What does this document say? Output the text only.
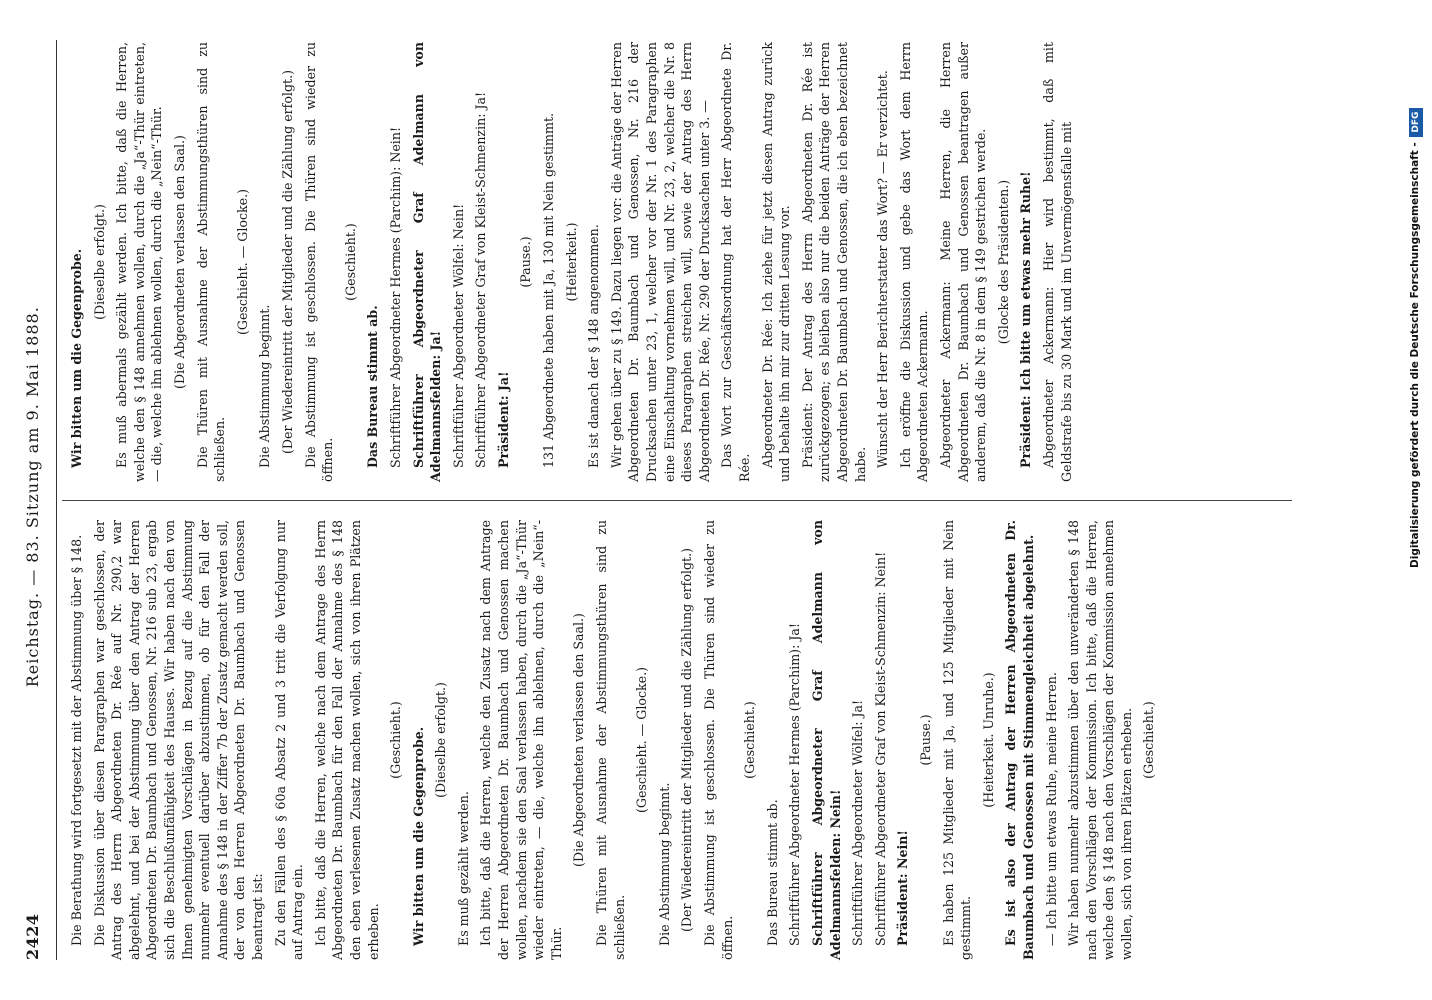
2424
Reichstag. — 83. Sitzung am 9. Mai 1888.

Die Berathung wird fortgesetzt mit der Abstimmung über § 148. Die Diskussion über diesen Paragraphen war geschlossen, der Antrag des Herrn Abgeordneten Dr. Rée auf Nr. 290,2 war abgelehnt, und bei der Abstimmung über den Antrag der Herren Abgeordneten Dr. Baumbach und Genossen, Nr. 216 sub 23, ergab sich die Beschlußunfähigkeit des Hauses. Wir haben nach den von Ihnen genehmigten Vorschlägen in Bezug auf die Abstimmung nunmehr eventuell darüber abzustimmen, ob für den Fall der Annahme des § 148 in der Ziffer 7b der Zusatz gemacht werden soll, der von den Herren Abgeordneten Dr. Baumbach und Genossen beantragt ist: Zu den Fällen des § 60a Absatz 2 und 3 tritt die Verfolgung nur auf Antrag ein. Ich bitte, daß die Herren, welche nach dem Antrage des Herrn Abgeordneten Dr. Baumbach für den Fall der Annahme des § 148 den eben verlesenen Zusatz machen wollen, sich von ihren Plätzen erheben.

(Geschieht.) Wir bitten um die Gegenprobe. (Dieselbe erfolgt.)

Es muß gezählt werden. Ich bitte, daß die Herren, welche den Zusatz nach dem Antrage der Herren Abgeordneten Dr. Baumbach und Genossen machen wollen, nachdem sie den Saal verlassen haben, durch die „Ja“-Thür wieder eintreten, — die, welche ihn ablehnen, durch die „Nein“-Thür.

(Die Abgeordneten verlassen den Saal.) Die Thüren mit Ausnahme der Abstimmungsthüren sind zu schließen.

(Geschieht. — Glocke.)

Die Abstimmung beginnt. (Der Wiedereintritt der Mitglieder und die Zählung erfolgt.) Die Abstimmung ist geschlossen. Die Thüren sind wieder zu öffnen.

(Geschieht.)

Das Bureau stimmt ab. Schriftführer Abgeordneter Hermes (Parchim): Ja! Schriftführer Abgeordneter Graf Adelmann von Adelmannsfelden: Nein! Schriftführer Abgeordneter Wölfel: Ja! Schriftführer Abgeordneter Graf von Kleist-Schmenzin: Nein! Präsident: Nein!

(Pause.) Es haben 125 Mitglieder mit Ja, und 125 Mitglieder mit Nein gestimmt.

(Heiterkeit. Unruhe.) Es ist also der Antrag der Herren Abgeordneten Dr. Baumbach und Genossen mit Stimmengleichheit abgelehnt. — Ich bitte um etwas Ruhe, meine Herren. Wir haben nunmehr abzustimmen über den unveränderten § 148 nach den Vorschlägen der Kommission. Ich bitte, daß die Herren, welche den § 148 nach den Vorschlägen der Kommission annehmen wollen, sich von ihren Plätzen erheben. (Geschieht.)

Wir bitten um die Gegenprobe. (Dieselbe erfolgt.) Es muß abermals gezählt werden. Ich bitte, daß die Herren, welche den § 148 annehmen wollen, durch die „Ja“-Thür eintreten, — die, welche ihn ablehnen wollen, durch die „Nein“-Thür. (Die Abgeordneten verlassen den Saal.) Die Thüren mit Ausnahme der Abstimmungsthüren sind zu schließen.

(Geschieht. — Glocke.)

Die Abstimmung beginnt. (Der Wiedereintritt der Mitglieder und die Zählung erfolgt.) Die Abstimmung ist geschlossen. Die Thüren sind wieder zu öffnen.

(Geschieht.)

Das Bureau stimmt ab. Schriftführer Abgeordneter Hermes (Parchim): Nein! Schriftführer Abgeordneter Graf Adelmann von Adelmannsfelden: Ja! Schriftführer Abgeordneter Wölfel: Nein! Schriftführer Abgeordneter Graf von Kleist-Schmenzin: Ja! Präsident: Ja!

(Pause.) 131 Abgeordnete haben mit Ja, 130 mit Nein gestimmt. (Heiterkeit.) Es ist danach der § 148 angenommen. Wir gehen über zu § 149. Dazu liegen vor: die Anträge der Herren Abgeordneten Dr. Baumbach und Genossen, Nr. 216 der Drucksachen unter 23, 1, welcher vor der Nr. 1 des Paragraphen eine Einschaltung vornehmen will, und Nr. 23, 2, welcher die Nr. 8 dieses Paragraphen streichen will, sowie der Antrag des Herrn Abgeordneten Dr. Rée, Nr. 290 der Drucksachen unter 3. — Das Wort zur Geschäftsordnung hat der Herr Abgeordnete Dr. Rée. Abgeordneter Dr. Rée: Ich ziehe für jetzt diesen Antrag zurück und behalte ihn mir zur dritten Lesung vor. Präsident: Der Antrag des Herrn Abgeordneten Dr. Rée ist zurückgezogen; es bleiben also nur die beiden Anträge der Herren Abgeordneten Dr. Baumbach und Genossen, die ich eben bezeichnet habe. Wünscht der Herr Berichterstatter das Wort? — Er verzichtet. Ich eröffne die Diskussion und gebe das Wort dem Herrn Abgeordneten Ackermann. Abgeordneter Ackermann: Meine Herren, die Herren Abgeordneten Dr. Baumbach und Genossen beantragen außer anderem, daß die Nr. 8 in dem § 149 gestrichen werde. (Glocke des Präsidenten.) Präsident: Ich bitte um etwas mehr Ruhe! Abgeordneter Ackermann: Hier wird bestimmt, daß mit Geldstrafe bis zu 30 Mark und im Unvermögensfalle mit	Digitalisierung gefördert durch die Deutsche Forschungsgemeinschaft - DFG
